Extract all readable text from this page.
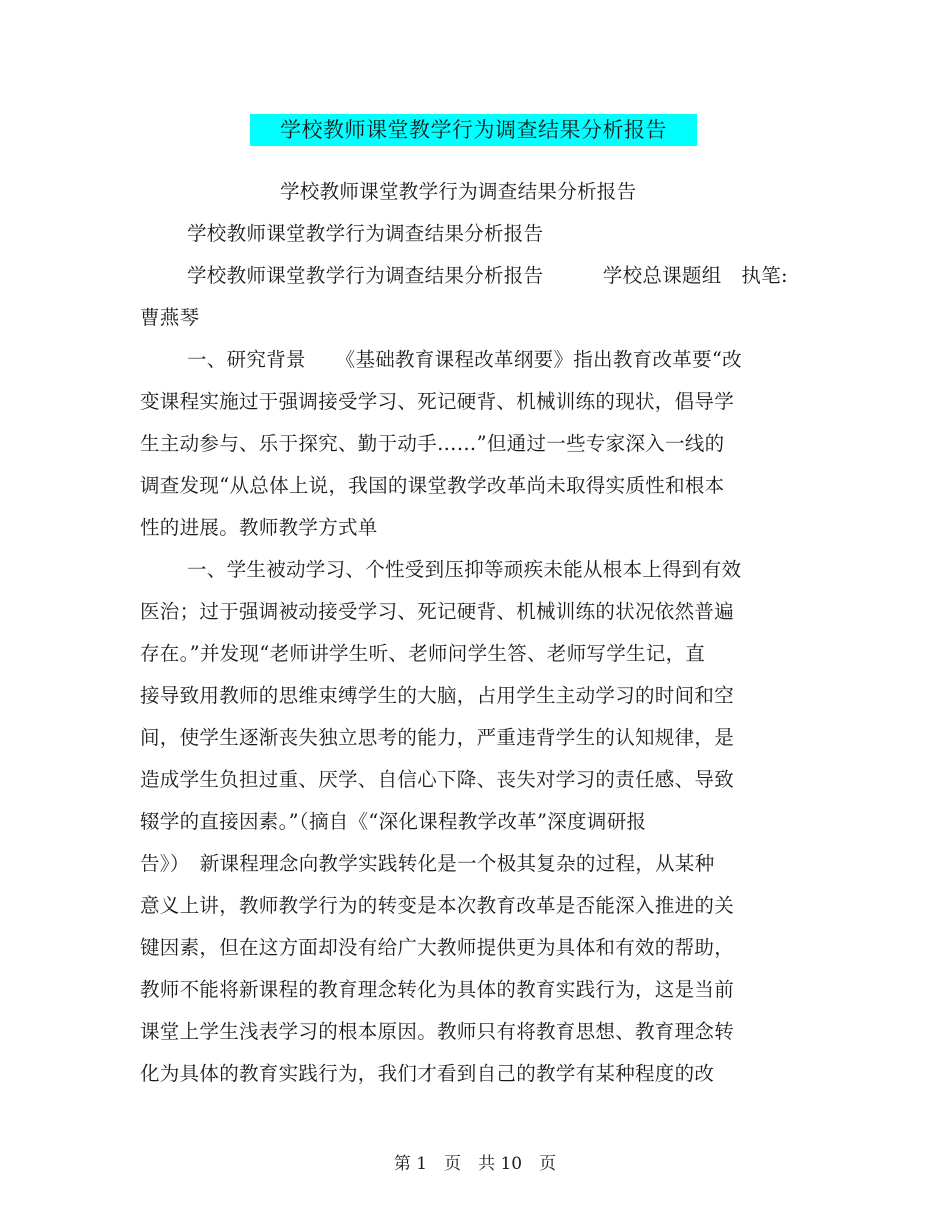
学校教师课堂教学行为调查结果分析报告
学校教师课堂教学行为调查结果分析报告
学校教师课堂教学行为调查结果分析报告
学校教师课堂教学行为调查结果分析报告　　　学校总课题组　执笔:
曹燕琴
一、研究背景　　《基础教育课程改革纲要》指出教育改革要“改
变课程实施过于强调接受学习、死记硬背、机械训练的现状，倡导学
生主动参与、乐于探究、勤于动手……”但通过一些专家深入一线的
调查发现“从总体上说，我国的课堂教学改革尚未取得实质性和根本
性的进展。教师教学方式单
一、学生被动学习、个性受到压抑等顽疾未能从根本上得到有效
医治；过于强调被动接受学习、死记硬背、机械训练的状况依然普遍
存在。”并发现“老师讲学生听、老师问学生答、老师写学生记，直
接导致用教师的思维束缚学生的大脑，占用学生主动学习的时间和空
间，使学生逐渐丧失独立思考的能力，严重违背学生的认知规律，是
造成学生负担过重、厌学、自信心下降、丧失对学习的责任感、导致
辍学的直接因素。”（摘自《“深化课程教学改革”深度调研报
告》）　新课程理念向教学实践转化是一个极其复杂的过程，从某种
意义上讲，教师教学行为的转变是本次教育改革是否能深入推进的关
键因素，但在这方面却没有给广大教师提供更为具体和有效的帮助，
教师不能将新课程的教育理念转化为具体的教育实践行为，这是当前
课堂上学生浅表学习的根本原因。教师只有将教育思想、教育理念转
化为具体的教育实践行为，我们才看到自己的教学有某种程度的改
第 1　页　共 10　页
